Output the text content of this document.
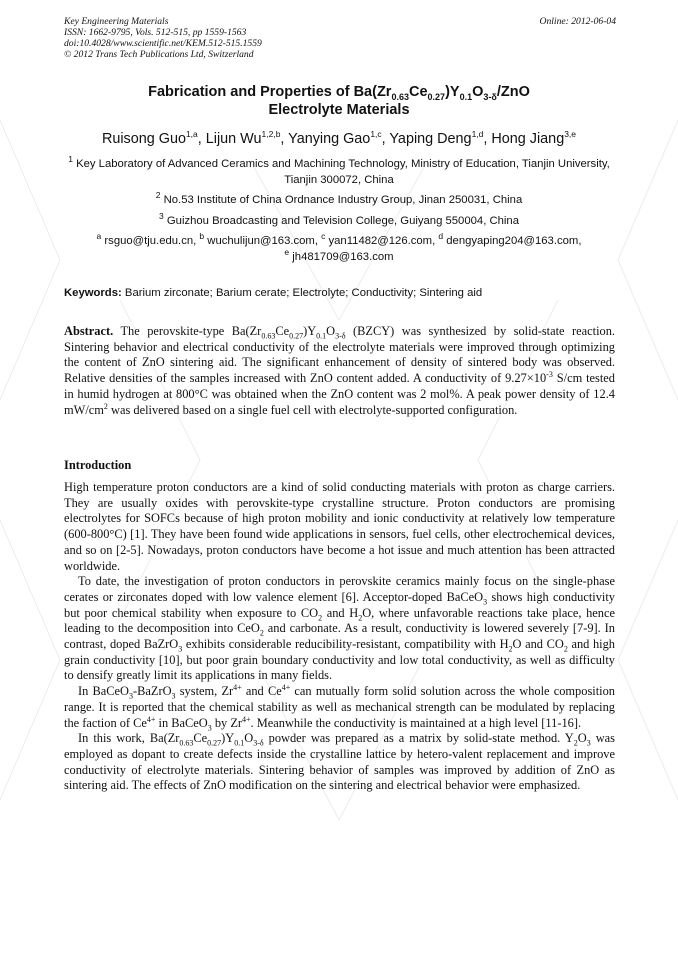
Key Engineering Materials
ISSN: 1662-9795, Vols. 512-515, pp 1559-1563
doi:10.4028/www.scientific.net/KEM.512-515.1559
© 2012 Trans Tech Publications Ltd, Switzerland
Online: 2012-06-04
Fabrication and Properties of $Ba(Zr_{0.63}Ce_{0.27})Y_{0.1}O_{3-\delta}$/ZnO
Electrolyte Materials
Ruisong Guo$^{1,a}$, Lijun Wu$^{1,2,b}$, Yanying Gao$^{1,c}$, Yaping Deng$^{1,d}$, Hong Jiang$^{3,e}$
$^1$ Key Laboratory of Advanced Ceramics and Machining Technology, Ministry of Education, Tianjin University, Tianjin 300072, China
$^2$ No.53 Institute of China Ordnance Industry Group, Jinan 250031, China
$^3$ Guizhou Broadcasting and Television College, Guiyang 550004, China
$^a$ rsguo@tju.edu.cn, $^b$ wuchulijun@163.com, $^c$ yan11482@126.com, $^d$ dengyaping204@163.com,
$^e$ jh481709@163.com
Keywords: Barium zirconate; Barium cerate; Electrolyte; Conductivity; Sintering aid

Abstract. The perovskite-type $Ba(Zr_{0.63}Ce_{0.27})Y_{0.1}O_{3-\delta}$ (BZCY) was synthesized by solid-state reaction. Sintering behavior and electrical conductivity of the electrolyte materials were improved through optimizing the content of ZnO sintering aid. The significant enhancement of density of sintered body was observed. Relative densities of the samples increased with ZnO content added. A conductivity of $9.27\times 10^{-3}$ S/cm tested in humid hydrogen at 800°C was obtained when the ZnO content was 2 mol%. A peak power density of 12.4 $mW/cm^2$ was delivered based on a single fuel cell with electrolyte-supported configuration.

Introduction

High temperature proton conductors are a kind of solid conducting materials with proton as charge carriers. They are usually oxides with perovskite-type crystalline structure. Proton conductors are promising electrolytes for SOFCs because of high proton mobility and ionic conductivity at relatively low temperature (600-800°C) [1]. They have been found wide applications in sensors, fuel cells, other electrochemical devices, and so on [2-5]. Nowadays, proton conductors have become a hot issue and much attention has been attracted worldwide.

To date, the investigation of proton conductors in perovskite ceramics mainly focus on the single-phase cerates or zirconates doped with low valence element [6]. Acceptor-doped BaCeO$_3$ shows high conductivity but poor chemical stability when exposure to $CO_2$ and $H_2O$, where unfavorable reactions take place, hence leading to the decomposition into CeO$_2$ and carbonate. As a result, conductivity is lowered severely [7-9]. In contrast, doped BaZrO$_3$ exhibits considerable reducibility-resistant, compatibility with $H_2O$ and $CO_2$ and high grain conductivity [10], but poor grain boundary conductivity and low total conductivity, as well as difficulty to densify greatly limit its applications in many fields.

In BaCeO$_3$-BaZrO$_3$ system, $Zr^{4+}$ and $Ce^{4+}$ can mutually form solid solution across the whole composition range. It is reported that the chemical stability as well as mechanical strength can be modulated by replacing the faction of $Ce^{4+}$ in BaCeO$_3$ by $Zr^{4+}$. Meanwhile the conductivity is maintained at a high level [11-16].

In this work, $Ba(Zr_{0.63}Ce_{0.27})Y_{0.1}O_{3-\delta}$ powder was prepared as a matrix by solid-state method. $Y_2O_3$ was employed as dopant to create defects inside the crystalline lattice by hetero-valent replacement and improve conductivity of electrolyte materials. Sintering behavior of samples was improved by addition of ZnO as sintering aid. The effects of ZnO modification on the sintering and electrical behavior were emphasized.
